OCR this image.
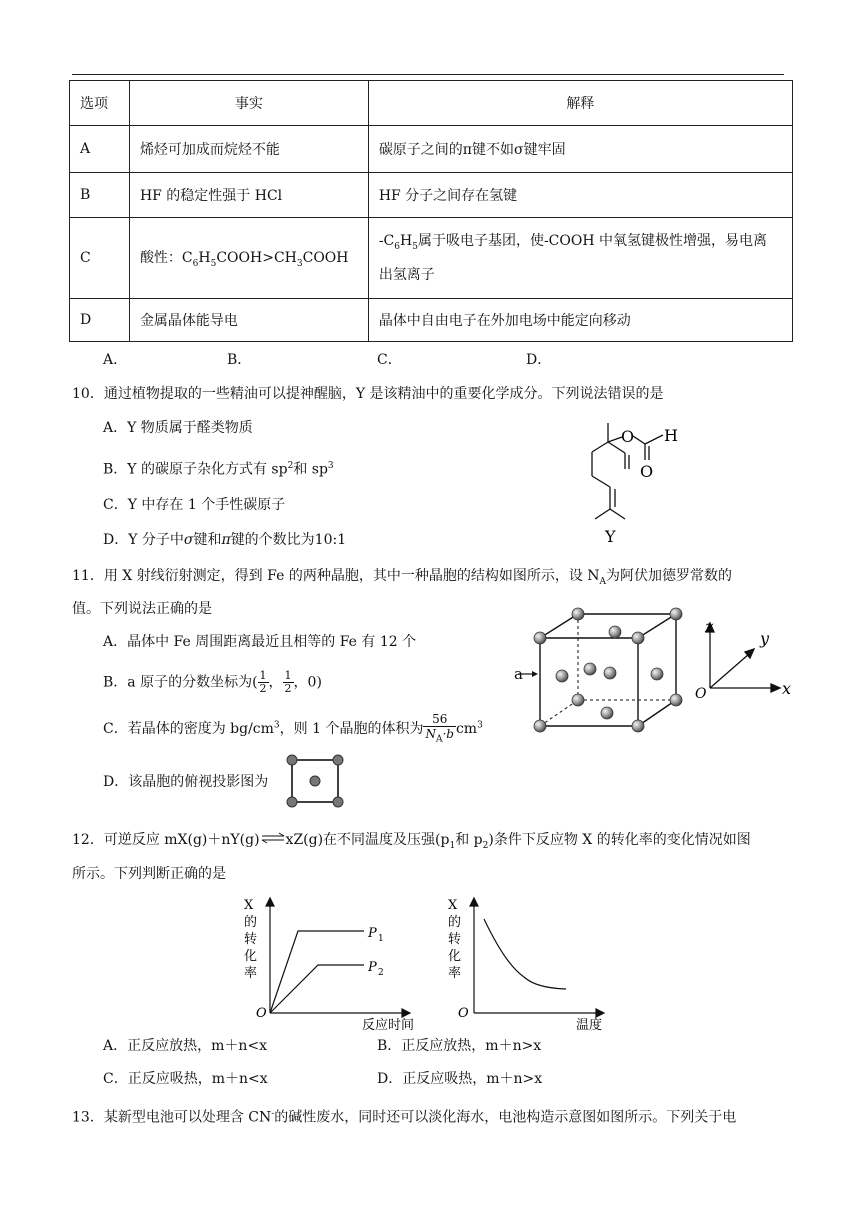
选项	事实	解释
A	烯烃可加成而烷烃不能	碳原子之间的π键不如σ键牢固
B	HF 的稳定性强于 HCl	HF 分子之间存在氢键
C	酸性：$C_6H_5COOH>CH_3COOH$	$-C_6H_5$属于吸电子基团，使-COOH 中氧氢键极性增强，易电离
出氢离子
D	金属晶体能导电	晶体中自由电子在外加电场中能定向移动
A．	B．	C．	D．
10．通过植物提取的一些精油可以提神醒脑，Y 是该精油中的重要化学成分。下列说法错误的是
A．Y 物质属于醛类物质
B．Y 的碳原子杂化方式有 $sp^2$和 $sp^3$
C．Y 中存在 1 个手性碳原子
D．Y 分子中σ键和π键的个数比为10:1
O H
O
Y
11．用 X 射线衍射测定，得到 Fe 的两种晶胞，其中一种晶胞的结构如图所示，设 $N_A$为阿伏加德罗常数的
值。下列说法正确的是
A．晶体中 Fe 周围距离最近且相等的 Fe 有 12 个
B．a 原子的分数坐标为( $\frac{1}{2}$ ， $\frac{1}{2}$ ，0)
C．若晶体的密度为 $bg/cm^3$，则 1 个晶胞的体积为 $\frac{56}{N_A\cdot b} cm^3$
D．该晶胞的俯视投影图为
a
z
y
x
O
12．可逆反应 mX(g)＋nY(g)⇌xZ(g)在不同温度及压强($p_1$和 $p_2$)条件下反应物 X 的转化率的变化情况如图
所示。下列判断正确的是
X
的
转
化
率
O
反应时间
P 1
P 2
X
的
转
化
率
O
温度
A．正反应放热，m＋n<x	B．正反应放热，m＋n>x
C．正反应吸热，m＋n<x	D．正反应吸热，m＋n>x
13．某新型电池可以处理含 CN-的碱性废水，同时还可以淡化海水，电池构造示意图如图所示。下列关于电
